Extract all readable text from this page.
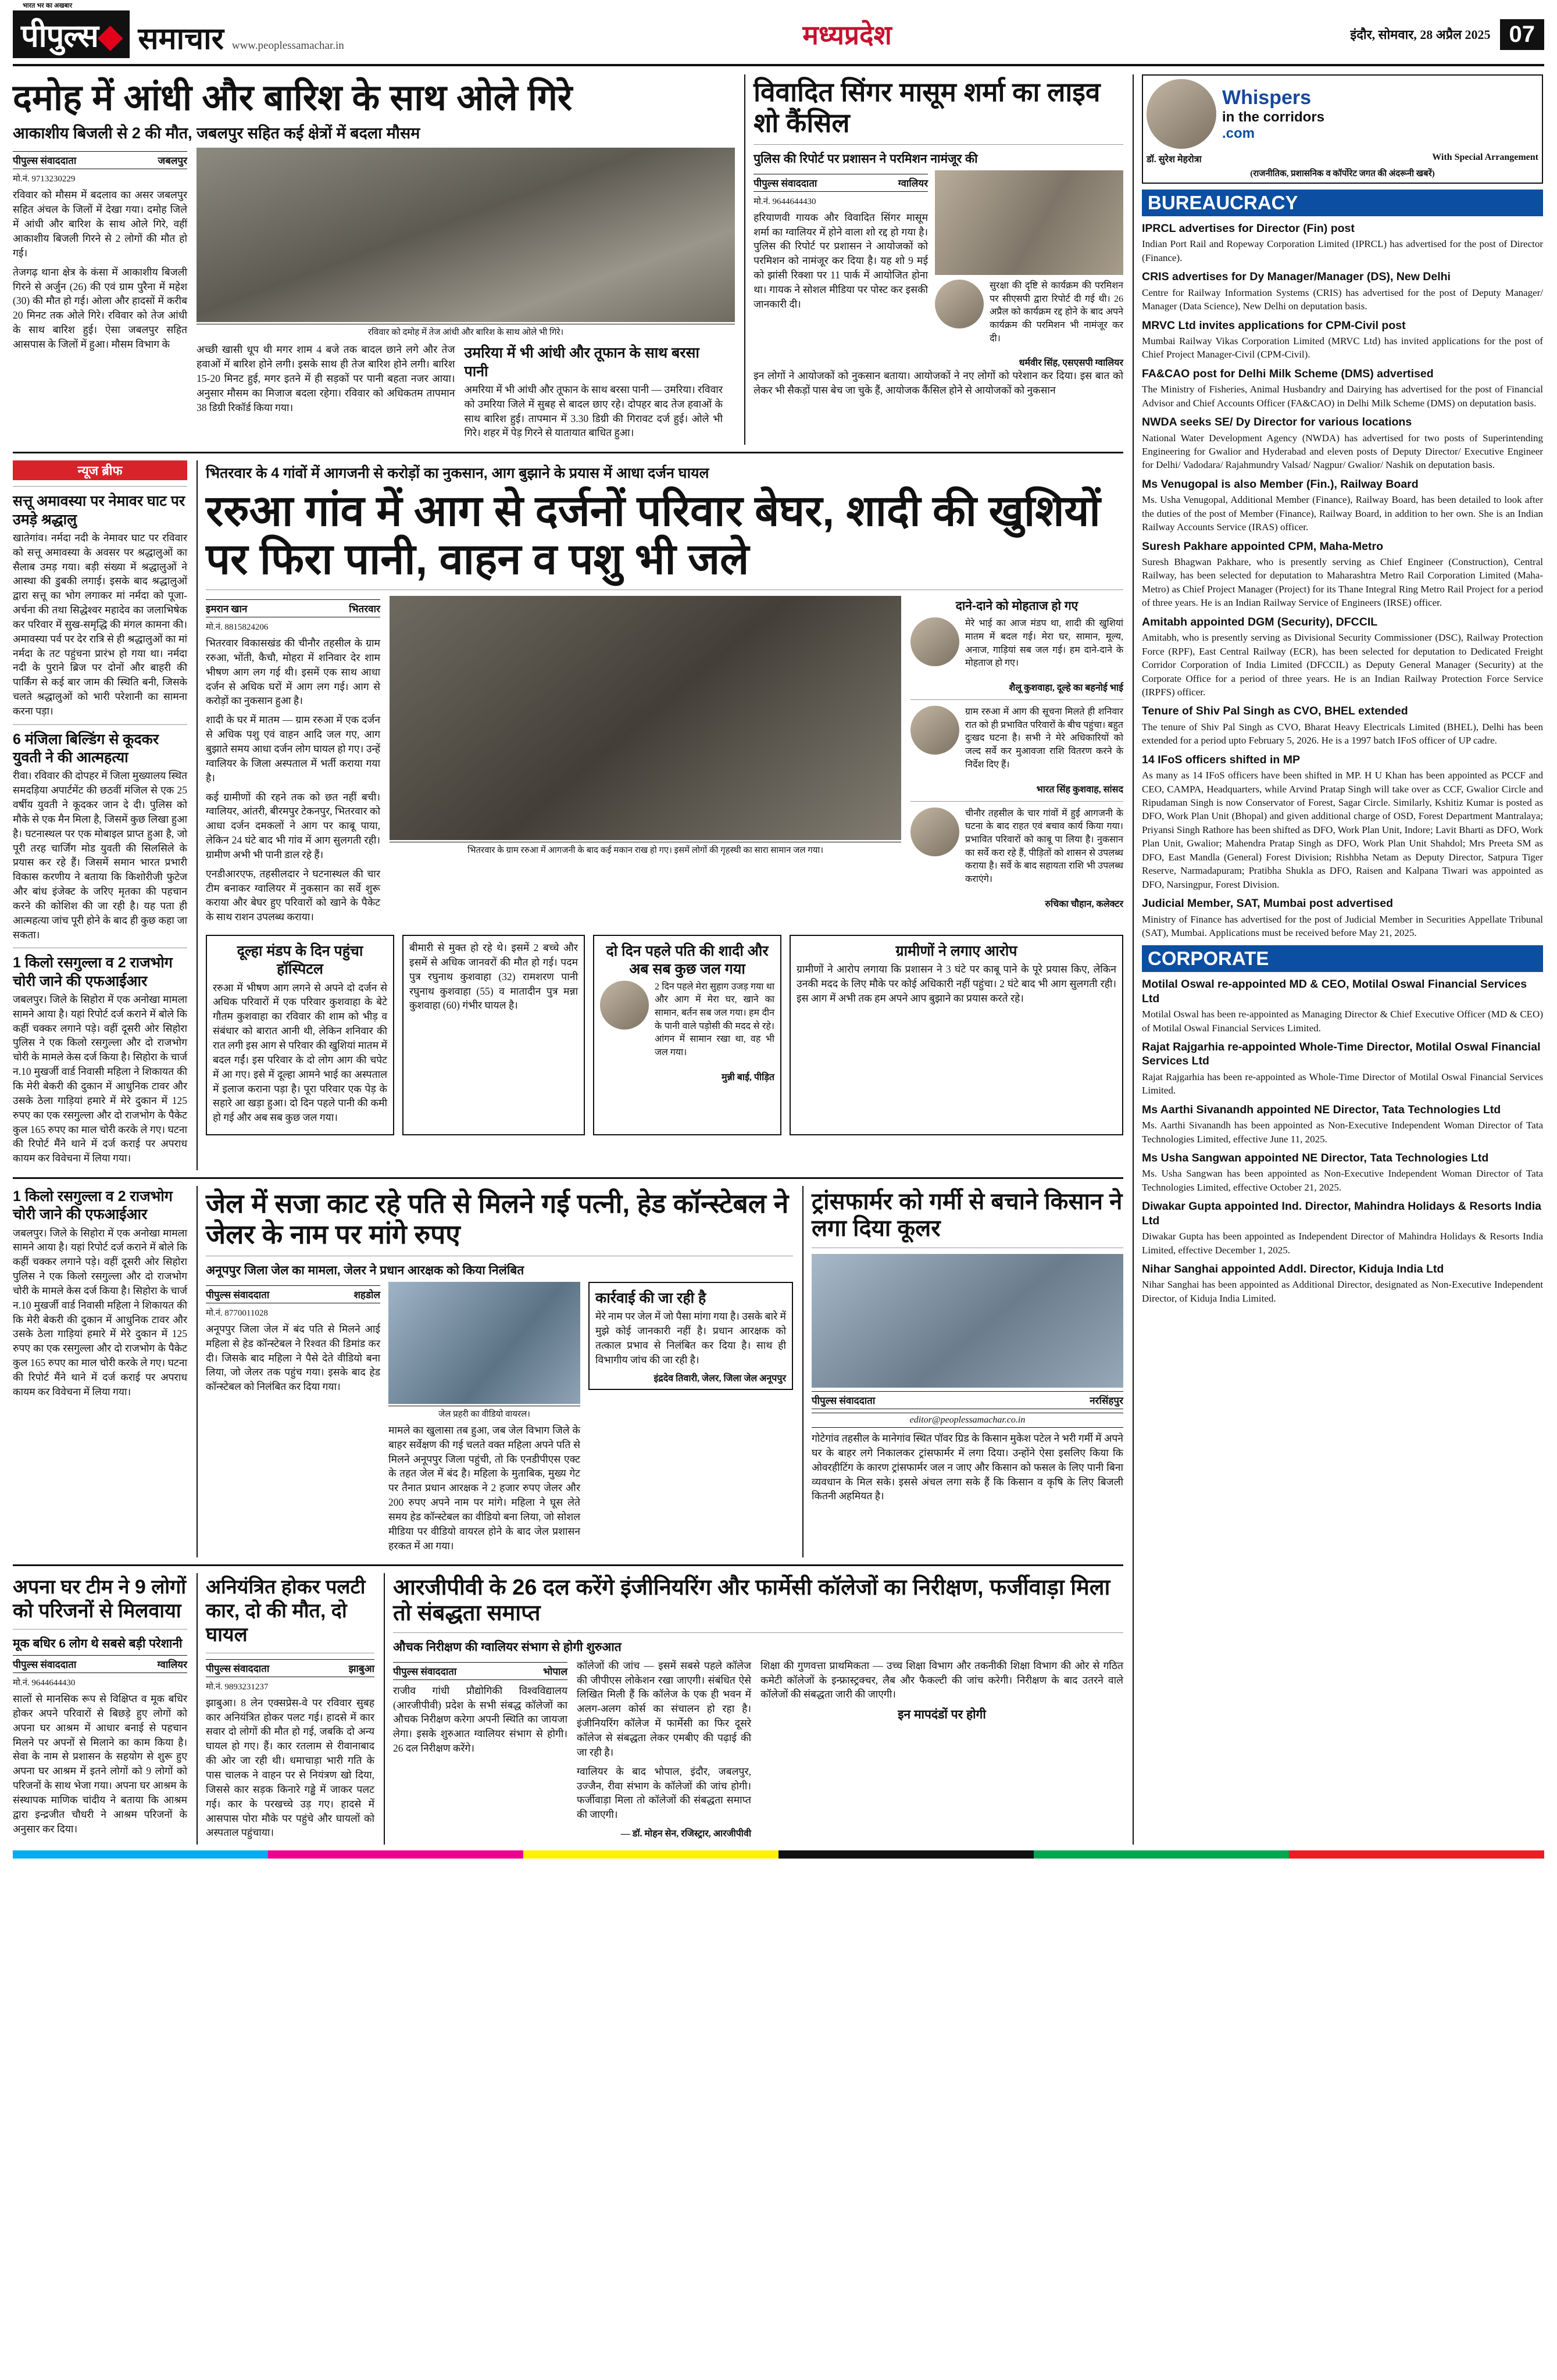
भारत भर का अखबार
पीपुल्स◆ समाचार www.peoplessamachar.in	मध्यप्रदेश	इंदौर, सोमवार, 28 अप्रैल 2025 07
दमोह में आंधी और बारिश के साथ ओले गिरे
आकाशीय बिजली से 2 की मौत, जबलपुर सहित कई क्षेत्रों में बदला मौसम
पीपुल्स संवाददाता	जबलपुर
मो.नं. 9713230229

रविवार को मौसम में बदलाव का असर जबलपुर सहित अंचल के जिलों में देखा गया। दमोह जिले में आंधी और बारिश के साथ ओले गिरे, वहीं आकाशीय बिजली गिरने से 2 लोगों की मौत हो गई।

तेजगढ़ थाना क्षेत्र के कंसा में आकाशीय बिजली गिरने से अर्जुन (26) की एवं ग्राम पुरैना में महेश (30) की मौत हो गई। ओला और हादसों में करीब 20 मिनट तक ओले गिरे। रविवार को तेज आंधी के साथ बारिश हुई। ऐसा जबलपुर सहित आसपास के जिलों में हुआ। मौसम विभाग के

रविवार को दमोह में तेज आंधी और बारिश के साथ ओले भी गिरे।

अच्छी खासी धूप थी मगर शाम 4 बजे तक बादल छाने लगे और तेज हवाओं में बारिश होने लगी। इसके साथ ही तेज बारिश होने लगी। बारिश 15-20 मिनट हुई, मगर इतने में ही सड़कों पर पानी बहता नजर आया। अनुसार मौसम का मिजाज बदला रहेगा। रविवार को अधिकतम तापमान 38 डिग्री रिकॉर्ड किया गया।

उमरिया में भी आंधी और तूफान के साथ बरसा पानी

अमरिया में भी आंधी और तूफान के साथ बरसा पानी — उमरिया। रविवार को उमरिया जिले में सुबह से बादल छाए रहे। दोपहर बाद तेज हवाओं के साथ बारिश हुई। तापमान में 3.30 डिग्री की गिरावट दर्ज हुई। ओले भी गिरे। शहर में पेड़ गिरने से यातायात बाधित हुआ।

विवादित सिंगर मासूम शर्मा का लाइव शो कैंसिल
पुलिस की रिपोर्ट पर प्रशासन ने परमिशन नामंजूर की
पीपुल्स संवाददाता	ग्वालियर
मो.नं. 9644644430

हरियाणवी गायक और विवादित सिंगर मासूम शर्मा का ग्वालियर में होने वाला शो रद्द हो गया है। पुलिस की रिपोर्ट पर प्रशासन ने आयोजकों को परमिशन को नामंजूर कर दिया है। यह शो 9 मई को झांसी रिक्शा पर 11 पार्क में आयोजित होना था। गायक ने सोशल मीडिया पर पोस्ट कर इसकी जानकारी दी।

सुरक्षा की दृष्टि से कार्यक्रम की परमिशन पर सीएसपी द्वारा रिपोर्ट दी गई थी। 26 अप्रैल को कार्यक्रम रद्द होने के बाद अपने कार्यक्रम की परमिशन भी नामंजूर कर दी।

धर्मवीर सिंह, एसएसपी ग्वालियर

इन लोगों ने आयोजकों को नुकसान बताया। आयोजकों ने नए लोगों को परेशान कर दिया। इस बात को लेकर भी सैकड़ों पास बेच जा चुके हैं, आयोजक कैंसिल होने से आयोजकों को नुकसान

न्यूज ब्रीफ
सत्तू अमावस्या पर नेमावर घाट पर उमड़े श्रद्धालु

खातेगांव। नर्मदा नदी के नेमावर घाट पर रविवार को सत्तू अमावस्या के अवसर पर श्रद्धालुओं का सैलाब उमड़ गया। बड़ी संख्या में श्रद्धालुओं ने आस्था की डुबकी लगाई। इसके बाद श्रद्धालुओं द्वारा सत्तू का भोग लगाकर मां नर्मदा को पूजा-अर्चना की तथा सिद्धेश्वर महादेव का जलाभिषेक कर परिवार में सुख-समृद्धि की मंगल कामना की। अमावस्या पर्व पर देर रात्रि से ही श्रद्धालुओं का मां नर्मदा के तट पहुंचना प्रारंभ हो गया था। नर्मदा नदी के पुराने ब्रिज पर दोनों और बाहरी की पार्किंग से कई बार जाम की स्थिति बनी, जिसके चलते श्रद्धालुओं को भारी परेशानी का सामना करना पड़ा।

6 मंजिला बिल्डिंग से कूदकर युवती ने की आत्महत्या

रीवा। रविवार की दोपहर में जिला मुख्यालय स्थित समदड़िया अपार्टमेंट की छठवीं मंजिल से एक 25 वर्षीय युवती ने कूदकर जान दे दी। पुलिस को मौके से एक मैन मिला है, जिसमें कुछ लिखा हुआ है। घटनास्थल पर एक मोबाइल प्राप्त हुआ है, जो पूरी तरह चार्जिंग मोड युवती की सिलसिले के प्रयास कर रहे हैं। जिसमें समान भारत प्रभारी विकास करणीय ने बताया कि किशोरीजी फुटेज और बांध इंजेक्ट के जरिए मृतका की पहचान करने की कोशिश की जा रही है। यह पता ही आत्महत्या जांच पूरी होने के बाद ही कुछ कहा जा सकता।

1 किलो रसगुल्ला व 2 राजभोग चोरी जाने की एफआईआर

जबलपुर। जिले के सिहोरा में एक अनोखा मामला सामने आया है। यहां रिपोर्ट दर्ज कराने में बोले कि कहीं चक्कर लगाने पड़े। वहीं दूसरी ओर सिहोरा पुलिस ने एक किलो रसगुल्ला और दो राजभोग चोरी के मामले केस दर्ज किया है। सिहोरा के चार्ज न.10 मुखर्जी वार्ड निवासी महिला ने शिकायत की कि मेरी बेकरी की दुकान में आधुनिक टावर और उसके ठेला गाड़ियां हमारे में मेरे दुकान में 125 रुपए का एक रसगुल्ला और दो राजभोग के पैकेट कुल 165 रुपए का माल चोरी करके ले गए। घटना की रिपोर्ट मैंने थाने में दर्ज कराई पर अपराध कायम कर विवेचना में लिया गया।

भितरवार के 4 गांवों में आगजनी से करोड़ों का नुकसान, आग बुझाने के प्रयास में आधा दर्जन घायल
ररुआ गांव में आग से दर्जनों परिवार बेघर, शादी की खुशियों पर फिरा पानी, वाहन व पशु भी जले
इमरान खान	भितरवार
मो.नं. 8815824206

भितरवार विकासखंड की चीनौर तहसील के ग्राम ररुआ, भोंती, कैचौ, मोहरा में शनिवार देर शाम भीषण आग लग गई थी। इसमें एक साथ आधा दर्जन से अधिक घरों में आग लग गई। आग से करोड़ों का नुकसान हुआ है।

शादी के घर में मातम — ग्राम ररुआ में एक दर्जन से अधिक पशु एवं वाहन आदि जल गए, आग बुझाते समय आधा दर्जन लोग घायल हो गए। उन्हें ग्वालियर के जिला अस्पताल में भर्ती कराया गया है।

कई ग्रामीणों की रहने तक को छत नहीं बची। ग्वालियर, आंतरी, बीरमपुर टेकनपुर, भितरवार को आधा दर्जन दमकलों ने आग पर काबू पाया, लेकिन 24 घंटे बाद भी गांव में आग सुलगती रही। ग्रामीण अभी भी पानी डाल रहे हैं।

एनडीआरएफ, तहसीलदार ने घटनास्थल की चार टीम बनाकर ग्वालियर में नुकसान का सर्वे शुरू कराया और बेघर हुए परिवारों को खाने के पैकेट के साथ राशन उपलब्ध कराया।

भितरवार के ग्राम ररुआ में आगजनी के बाद कई मकान राख हो गए। इसमें लोगों की गृहस्थी का सारा सामान जल गया।
दाने-दाने को मोहताज हो गए

मेरे भाई का आज मंडप था, शादी की खुशियां मातम में बदल गई। मेरा घर, सामान, मूल्य, अनाज, गाड़ियां सब जल गई। हम दाने-दाने के मोहताज हो गए।

शैलू कुशवाहा, दूल्हे का बहनोई भाई

ग्राम ररुआ में आग की सूचना मिलते ही शनिवार रात को ही प्रभावित परिवारों के बीच पहुंचा। बहुत दुःखद घटना है। सभी ने मेरे अधिकारियों को जल्द सर्वे कर मुआवजा राशि वितरण करने के निर्देश दिए हैं।

भारत सिंह कुशवाह, सांसद

चीनौर तहसील के चार गांवों में हुई आगजनी के घटना के बाद राहत एवं बचाव कार्य किया गया। प्रभावित परिवारों को काबू पा लिया है। नुकसान का सर्वे करा रहे हैं, पीड़ितों को शासन से उपलब्ध कराया है। सर्वे के बाद सहायता राशि भी उपलब्ध कराएंगे।

रुचिका चौहान, कलेक्टर
दूल्हा मंडप के दिन पहुंचा हॉस्पिटल

ररुआ में भीषण आग लगने से अपने दो दर्जन से अधिक परिवारों में एक परिवार कुशवाहा के बेटे गौतम कुशवाहा का रविवार की शाम को भीड़ व संबंधार को बारात आनी थी, लेकिन शनिवार की रात लगी इस आग से परिवार की खुशियां मातम में बदल गईं। इस परिवार के दो लोग आग की चपेट में आ गए। इसे में दूल्हा आमने भाई का अस्पताल में इलाज कराना पड़ा है। पूरा परिवार एक पेड़ के सहारे आ खड़ा हुआ। दो दिन पहले पानी की कमी हो गई और अब सब कुछ जल गया।

बीमारी से मुक्त हो रहे थे। इसमें 2 बच्चे और इसमें से अधिक जानवरों की मौत हो गई। पदम पुत्र रघुनाथ कुशवाहा (32) रामशरण पानी रघुनाथ कुशवाहा (55) व मातादीन पुत्र मन्ना कुशवाहा (60) गंभीर घायल है।

दो दिन पहले पति की शादी और अब सब कुछ जल गया

2 दिन पहले मेरा सुहाग उजड़ गया था और आग में मेरा घर, खाने का सामान, बर्तन सब जल गया। हम दीन के पानी वाले पड़ोसी की मदद से रहे। आंगन में सामान रखा था, वह भी जल गया।

मुन्नी बाई, पीड़ित
ग्रामीणों ने लगाए आरोप

ग्रामीणों ने आरोप लगाया कि प्रशासन ने 3 घंटे पर काबू पाने के पूरे प्रयास किए, लेकिन उनकी मदद के लिए मौके पर कोई अधिकारी नहीं पहुंचा। 2 घंटे बाद भी आग सुलगती रही। इस आग में अभी तक हम अपने आप बुझाने का प्रयास करते रहे।

1 किलो रसगुल्ला व 2 राजभोग चोरी जाने की एफआईआर

जबलपुर। जिले के सिहोरा में एक अनोखा मामला सामने आया है। यहां रिपोर्ट दर्ज कराने में बोले कि कहीं चक्कर लगाने पड़े। वहीं दूसरी ओर सिहोरा पुलिस ने एक किलो रसगुल्ला और दो राजभोग चोरी के मामले केस दर्ज किया है। सिहोरा के चार्ज न.10 मुखर्जी वार्ड निवासी महिला ने शिकायत की कि मेरी बेकरी की दुकान में आधुनिक टावर और उसके ठेला गाड़ियां हमारे में मेरे दुकान में 125 रुपए का एक रसगुल्ला और दो राजभोग के पैकेट कुल 165 रुपए का माल चोरी करके ले गए। घटना की रिपोर्ट मैंने थाने में दर्ज कराई पर अपराध कायम कर विवेचना में लिया गया।

जेल में सजा काट रहे पति से मिलने गई पत्नी, हेड कॉन्स्टेबल ने जेलर के नाम पर मांगे रुपए
अनूपपुर जिला जेल का मामला, जेलर ने प्रधान आरक्षक को किया निलंबित
पीपुल्स संवाददाता	शहडोल
मो.नं. 8770011028

अनूपपुर जिला जेल में बंद पति से मिलने आई महिला से हेड कॉन्स्टेबल ने रिश्वत की डिमांड कर दी। जिसके बाद महिला ने पैसे देते वीडियो बना लिया, जो जेलर तक पहुंच गया। इसके बाद हेड कॉन्स्टेबल को निलंबित कर दिया गया।

जेल प्रहरी का वीडियो वायरल।

मामले का खुलासा तब हुआ, जब जेल विभाग जिले के बाहर सर्वेक्षण की गई चलते वक्त महिला अपने पति से मिलने अनूपपुर जिला पहुंची, तो कि एनडीपीएस एक्ट के तहत जेल में बंद है। महिला के मुताबिक, मुख्य गेट पर तैनात प्रधान आरक्षक ने 2 हजार रुपए जेलर और 200 रुपए अपने नाम पर मांगे। महिला ने घूस लेते समय हेड कॉन्स्टेबल का वीडियो बना लिया, जो सोशल मीडिया पर वीडियो वायरल होने के बाद जेल प्रशासन हरकत में आ गया।

कार्रवाई की जा रही है

मेरे नाम पर जेल में जो पैसा मांगा गया है। उसके बारे में मुझे कोई जानकारी नहीं है। प्रधान आरक्षक को तत्काल प्रभाव से निलंबित कर दिया है। साथ ही विभागीय जांच की जा रही है।

इंद्रदेव तिवारी, जेलर, जिला जेल अनूपपुर
ट्रांसफार्मर को गर्मी से बचाने किसान ने लगा दिया कूलर
पीपुल्स संवाददाता	नरसिंहपुर
editor@peoplessamachar.co.in

गोटेगांव तहसील के मानेगांव स्थित पॉवर ग्रिड के किसान मुकेश पटेल ने भरी गर्मी में अपने घर के बाहर लगे निकालकर ट्रांसफार्मर में लगा दिया। उन्होंने ऐसा इसलिए किया कि ओवरहीटिंग के कारण ट्रांसफार्मर जल न जाए और किसान को फसल के लिए पानी बिना व्यवधान के मिल सके। इससे अंचल लगा सके हैं कि किसान व कृषि के लिए बिजली कितनी अहमियत है।

अपना घर टीम ने 9 लोगों को परिजनों से मिलवाया
मूक बधिर 6 लोग थे सबसे बड़ी परेशानी
पीपुल्स संवाददाता	ग्वालियर
मो.नं. 9644644430

सालों से मानसिक रूप से विक्षिप्त व मूक बधिर होकर अपने परिवारों से बिछड़े हुए लोगों को अपना घर आश्रम में आधार बनाई से पहचान मिलने पर अपनों से मिलाने का काम किया है। सेवा के नाम से प्रशासन के सहयोग से शुरू हुए अपना घर आश्रम में इतने लोगों को 9 लोगों को परिजनों के साथ भेजा गया। अपना घर आश्रम के संस्थापक माणिक चांदीय ने बताया कि आश्रम द्वारा इन्द्रजीत चौधरी ने आश्रम परिजनों के अनुसार कर दिया।

अनियंत्रित होकर पलटी कार, दो की मौत, दो घायल
पीपुल्स संवाददाता	झाबुआ
मो.नं. 9893231237

झाबुआ। 8 लेन एक्सप्रेस-वे पर रविवार सुबह कार अनियंत्रित होकर पलट गई। हादसे में कार सवार दो लोगों की मौत हो गई, जबकि दो अन्य घायल हो गए। हैं। कार रतलाम से रीवानाबाद की ओर जा रही थी। धमाचाड़ा भारी गति के पास चालक ने वाहन पर से नियंत्रण खो दिया, जिससे कार सड़क किनारे गड्ढे में जाकर पलट गई। कार के परखच्चे उड़ गए। हादसे में आसपास पोरा मौके पर पहुंचे और घायलों को अस्पताल पहुंचाया।

आरजीपीवी के 26 दल करेंगे इंजीनियरिंग और फार्मेसी कॉलेजों का निरीक्षण, फर्जीवाड़ा मिला तो संबद्धता समाप्त
औचक निरीक्षण की ग्वालियर संभाग से होगी शुरुआत
पीपुल्स संवाददाता	भोपाल

राजीव गांधी प्रौद्योगिकी विश्वविद्यालय (आरजीपीवी) प्रदेश के सभी संबद्ध कॉलेजों का औचक निरीक्षण करेगा अपनी स्थिति का जायजा लेगा। इसके शुरुआत ग्वालियर संभाग से होगी। 26 दल निरीक्षण करेंगे।

कॉलेजों की जांच — इसमें सबसे पहले कॉलेज की जीपीएस लोकेशन रखा जाएगी। संबंधित ऐसे लिखित मिली हैं कि कॉलेज के एक ही भवन में अलग-अलग कोर्स का संचालन हो रहा है। इंजीनियरिंग कॉलेज में फार्मेसी का फिर दूसरे कॉलेज से संबद्धता लेकर एमबीए की पढ़ाई की जा रही है।

ग्वालियर के बाद भोपाल, इंदौर, जबलपुर, उज्जैन, रीवा संभाग के कॉलेजों की जांच होगी। फर्जीवाड़ा मिला तो कॉलेजों की संबद्धता समाप्त की जाएगी।

— डॉ. मोहन सेन, रजिस्ट्रार, आरजीपीवी

शिक्षा की गुणवत्ता प्राथमिकता — उच्च शिक्षा विभाग और तकनीकी शिक्षा विभाग की ओर से गठित कमेटी कॉलेजों के इन्फ्रास्ट्रक्चर, लैब और फैकल्टी की जांच करेगी। निरीक्षण के बाद उतरने वाले कॉलेजों की संबद्धता जारी की जाएगी।

इन मापदंडों पर होगी
Whispers
in the corridors
.com
डॉ. सुरेश मेहरोत्रा	With Special Arrangement
(राजनीतिक, प्रशासनिक व कॉर्पोरेट जगत की अंदरूनी खबरें)
BUREAUCRACY
IPRCL advertises for Director (Fin) post

Indian Port Rail and Ropeway Corporation Limited (IPRCL) has advertised for the post of Director (Finance).

CRIS advertises for Dy Manager/Manager (DS), New Delhi

Centre for Railway Information Systems (CRIS) has advertised for the post of Deputy Manager/ Manager (Data Science), New Delhi on deputation basis.

MRVC Ltd invites applications for CPM-Civil post

Mumbai Railway Vikas Corporation Limited (MRVC Ltd) has invited applications for the post of Chief Project Manager-Civil (CPM-Civil).

FA&CAO post for Delhi Milk Scheme (DMS) advertised

The Ministry of Fisheries, Animal Husbandry and Dairying has advertised for the post of Financial Advisor and Chief Accounts Officer (FA&CAO) in Delhi Milk Scheme (DMS) on deputation basis.

NWDA seeks SE/ Dy Director for various locations

National Water Development Agency (NWDA) has advertised for two posts of Superintending Engineering for Gwalior and Hyderabad and eleven posts of Deputy Director/ Executive Engineer for Delhi/ Vadodara/ Rajahmundry Valsad/ Nagpur/ Gwalior/ Nashik on deputation basis.

Ms Venugopal is also Member (Fin.), Railway Board

Ms. Usha Venugopal, Additional Member (Finance), Railway Board, has been detailed to look after the duties of the post of Member (Finance), Railway Board, in addition to her own. She is an Indian Railway Accounts Service (IRAS) officer.

Suresh Pakhare appointed CPM, Maha-Metro

Suresh Bhagwan Pakhare, who is presently serving as Chief Engineer (Construction), Central Railway, has been selected for deputation to Maharashtra Metro Rail Corporation Limited (Maha-Metro) as Chief Project Manager (Project) for its Thane Integral Ring Metro Rail Project for a period of three years. He is an Indian Railway Service of Engineers (IRSE) officer.

Amitabh appointed DGM (Security), DFCCIL

Amitabh, who is presently serving as Divisional Security Commissioner (DSC), Railway Protection Force (RPF), East Central Railway (ECR), has been selected for deputation to Dedicated Freight Corridor Corporation of India Limited (DFCCIL) as Deputy General Manager (Security) at the Corporate Office for a period of three years. He is an Indian Railway Protection Force Service (IRPFS) officer.

Tenure of Shiv Pal Singh as CVO, BHEL extended

The tenure of Shiv Pal Singh as CVO, Bharat Heavy Electricals Limited (BHEL), Delhi has been extended for a period upto February 5, 2026. He is a 1997 batch IFoS officer of UP cadre.

14 IFoS officers shifted in MP

As many as 14 IFoS officers have been shifted in MP. H U Khan has been appointed as PCCF and CEO, CAMPA, Headquarters, while Arvind Pratap Singh will take over as CCF, Gwalior Circle and Ripudaman Singh is now Conservator of Forest, Sagar Circle. Similarly, Kshitiz Kumar is posted as DFO, Work Plan Unit (Bhopal) and given additional charge of OSD, Forest Department Mantralaya; Priyansi Singh Rathore has been shifted as DFO, Work Plan Unit, Indore; Lavit Bharti as DFO, Work Plan Unit, Gwalior; Mahendra Pratap Singh as DFO, Work Plan Unit Shahdol; Mrs Preeta SM as DFO, East Mandla (General) Forest Division; Rishbha Netam as Deputy Director, Satpura Tiger Reserve, Narmadapuram; Pratibha Shukla as DFO, Raisen and Kalpana Tiwari was appointed as DFO, Narsingpur, Forest Division.

Judicial Member, SAT, Mumbai post advertised

Ministry of Finance has advertised for the post of Judicial Member in Securities Appellate Tribunal (SAT), Mumbai. Applications must be received before May 21, 2025.

CORPORATE
Motilal Oswal re-appointed MD & CEO, Motilal Oswal Financial Services Ltd

Motilal Oswal has been re-appointed as Managing Director & Chief Executive Officer (MD & CEO) of Motilal Oswal Financial Services Limited.

Rajat Rajgarhia re-appointed Whole-Time Director, Motilal Oswal Financial Services Ltd

Rajat Rajgarhia has been re-appointed as Whole-Time Director of Motilal Oswal Financial Services Limited.

Ms Aarthi Sivanandh appointed NE Director, Tata Technologies Ltd

Ms. Aarthi Sivanandh has been appointed as Non-Executive Independent Woman Director of Tata Technologies Limited, effective June 11, 2025.

Ms Usha Sangwan appointed NE Director, Tata Technologies Ltd

Ms. Usha Sangwan has been appointed as Non-Executive Independent Woman Director of Tata Technologies Limited, effective October 21, 2025.

Diwakar Gupta appointed Ind. Director, Mahindra Holidays & Resorts India Ltd

Diwakar Gupta has been appointed as Independent Director of Mahindra Holidays & Resorts India Limited, effective December 1, 2025.

Nihar Sanghai appointed Addl. Director, Kiduja India Ltd

Nihar Sanghai has been appointed as Additional Director, designated as Non-Executive Independent Director, of Kiduja India Limited.
